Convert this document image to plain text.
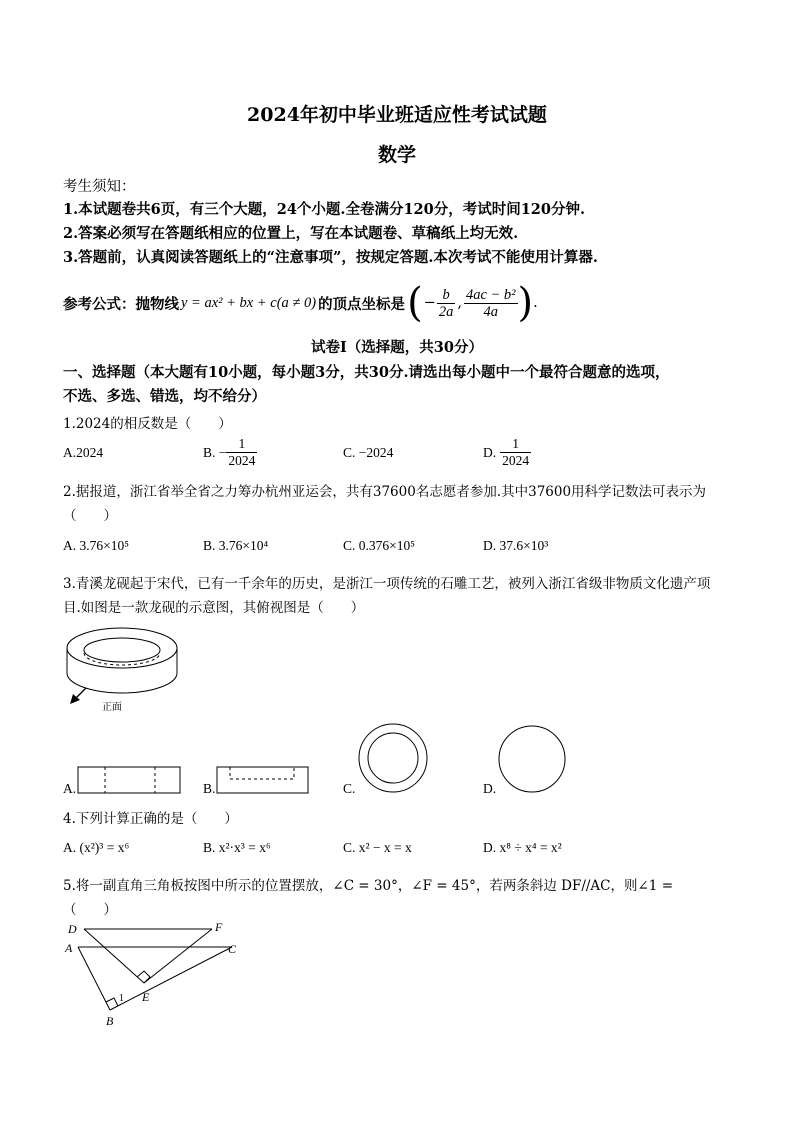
2024年初中毕业班适应性考试试题
数学
考生须知：
1.本试题卷共6页，有三个大题，24个小题.全卷满分120分，考试时间120分钟.
2.答案必须写在答题纸相应的位置上，写在本试题卷、草稿纸上均无效.
3.答题前，认真阅读答题纸上的“注意事项”，按规定答题.本次考试不能使用计算器.
参考公式：抛物线 y = ax² + bx + c(a ≠ 0) 的顶点坐标是 ( − $\frac{b}{2a}$ , $\frac{\text{4ac − b²}}{4a}$ ) .
试卷Ⅰ（选择题，共30分）
一、选择题（本大题有10小题，每小题3分，共30分.请选出每小题中一个最符合题意的选项，
不选、多选、错选，均不给分）
1.2024的相反数是（　　）
A.2024	B. − $\frac{1}{2024}$	C. −2024	D. $\frac{1}{2024}$
2.据报道，浙江省举全省之力筹办杭州亚运会，共有37600名志愿者参加.其中37600用科学记数法可表示为
（　　）
A. 3.76×10⁵	B. 3.76×10⁴	C. 0.376×10⁵	D. 37.6×10³
3.青溪龙砚起于宋代，已有一千余年的历史，是浙江一项传统的石雕工艺，被列入浙江省级非物质文化遗产项
目.如图是一款龙砚的示意图，其俯视图是（　　）
正面
A.	B.	C.	D.
4.下列计算正确的是（　　）
A. (x²)³ = x⁶	B. x²·x³ = x⁶	C. x² − x = x	D. x⁸ ÷ x⁴ = x²
5.将一副直角三角板按图中所示的位置摆放，∠C = 30°，∠F = 45°，若两条斜边 DF//AC，则∠1 =
（　　）
D	F
A	C
B
E
1
